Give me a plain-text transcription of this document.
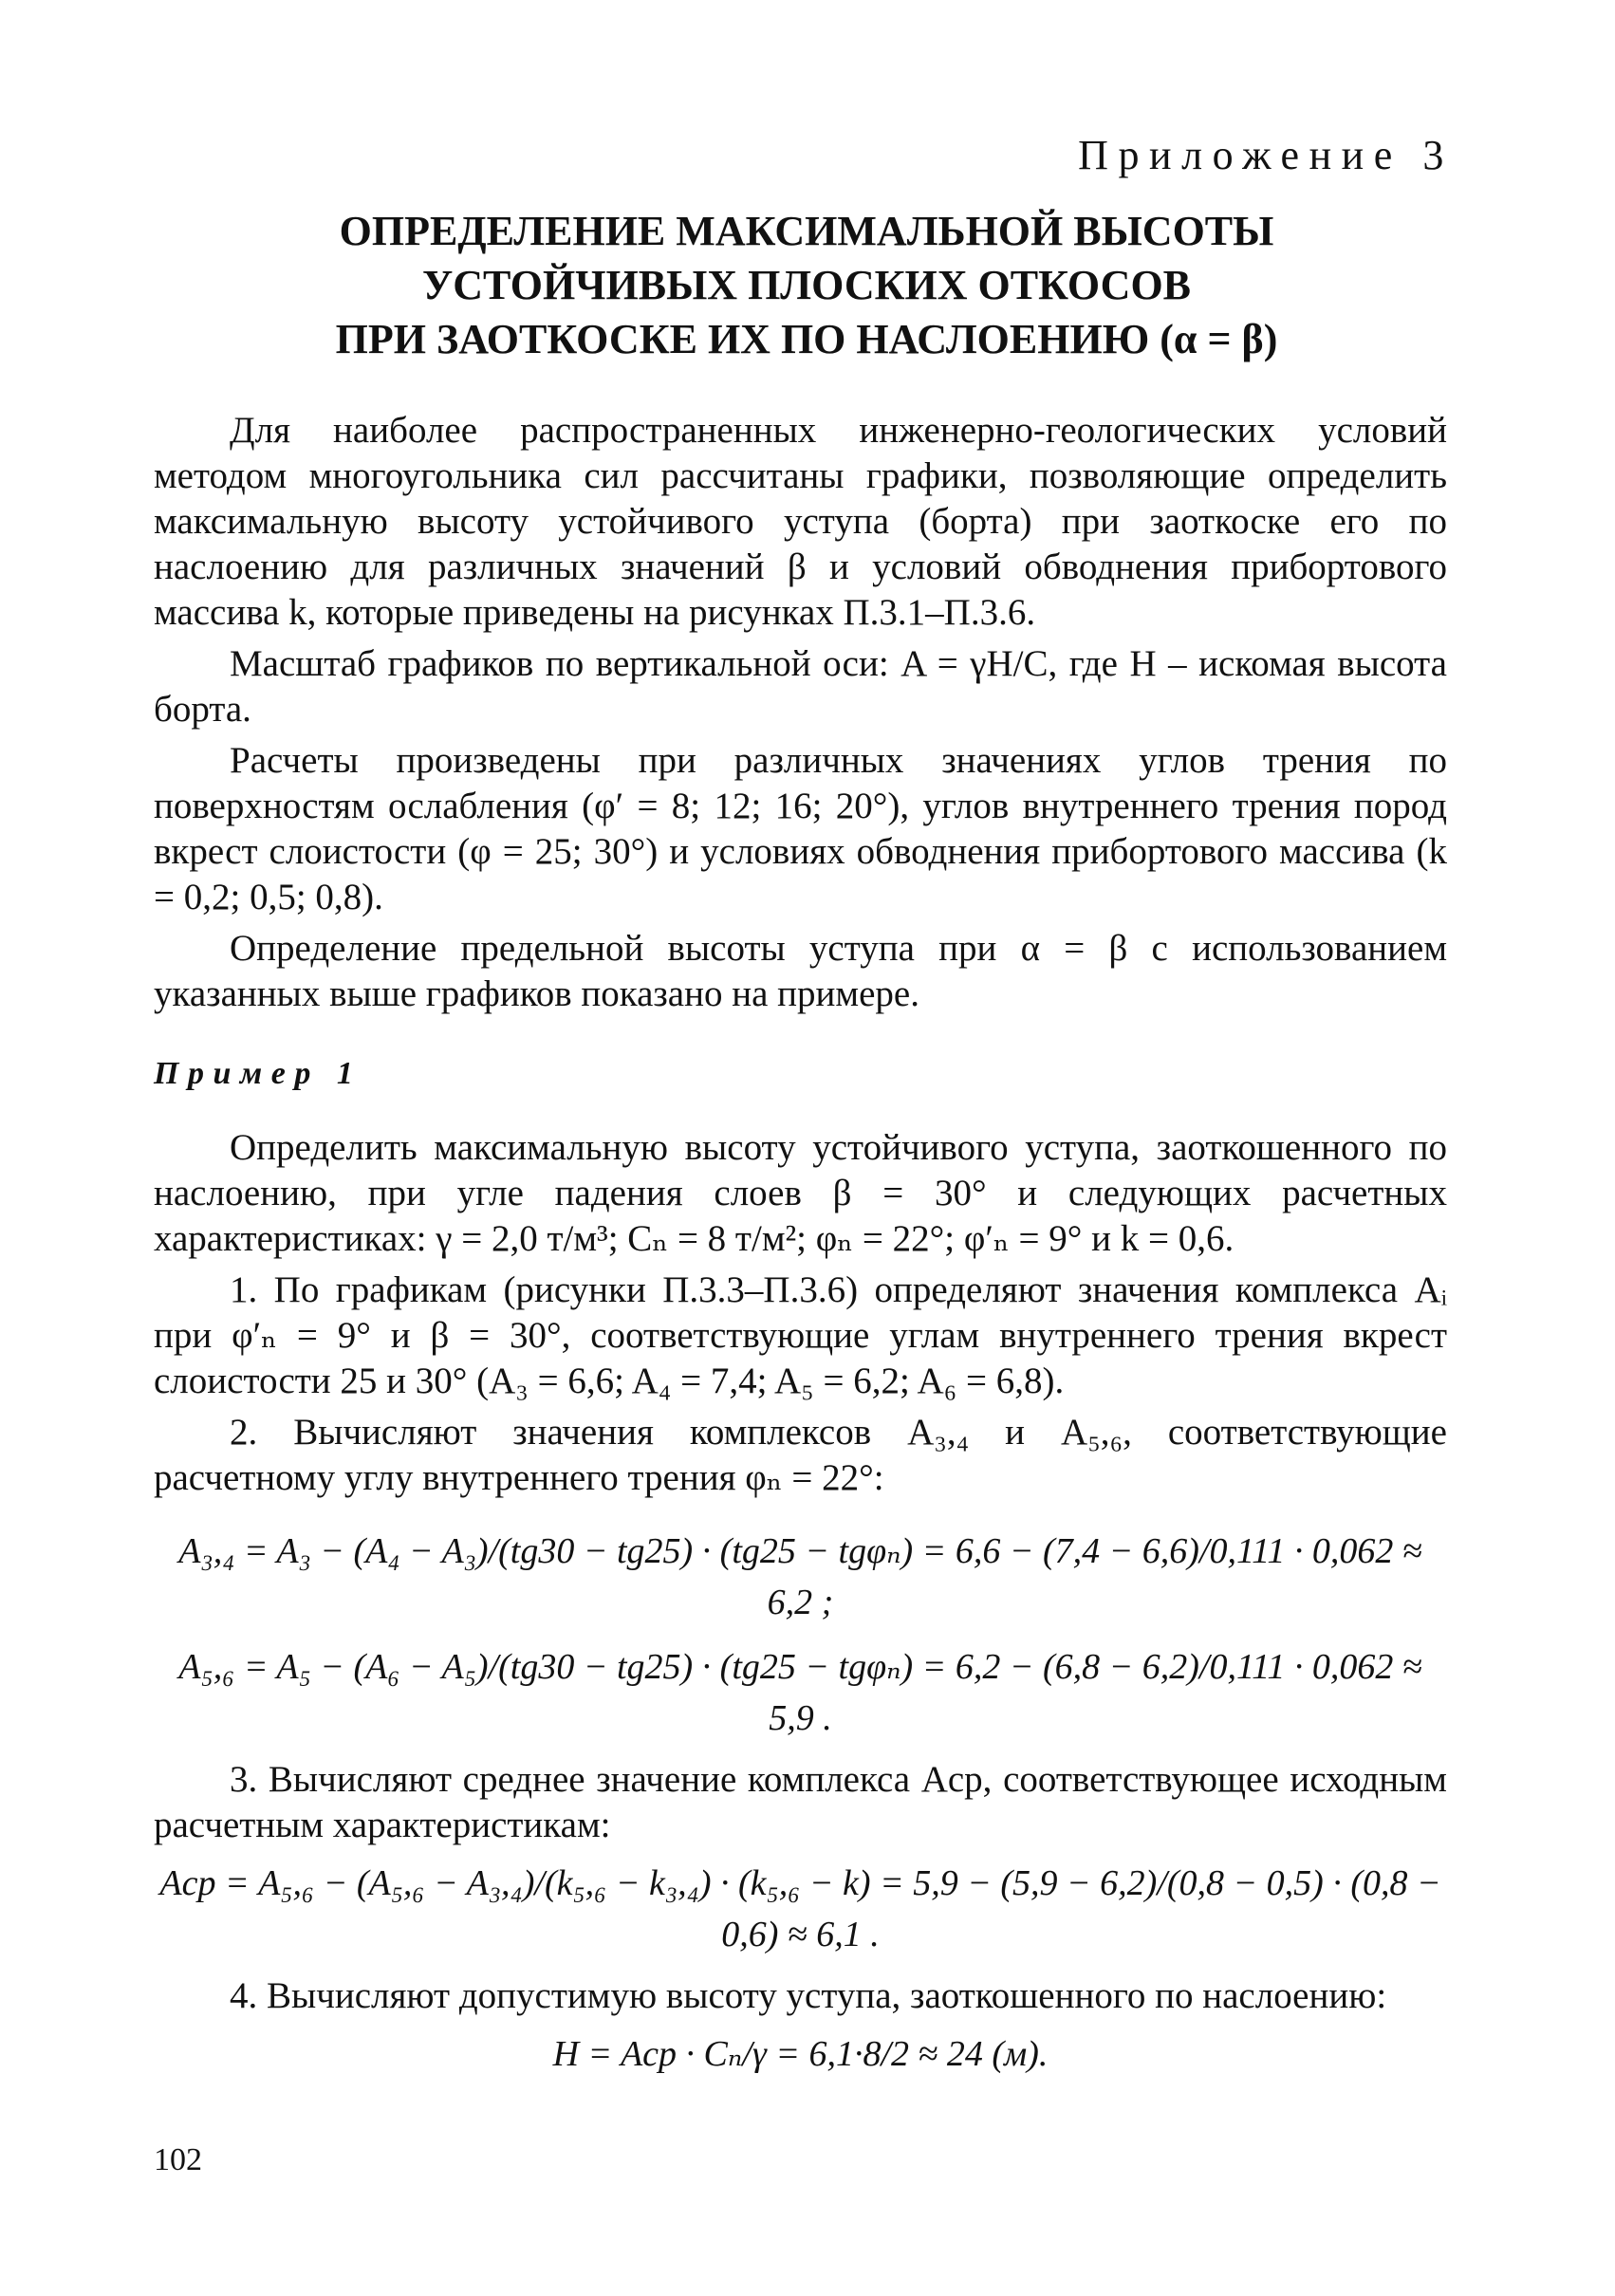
Приложение 3
ОПРЕДЕЛЕНИЕ МАКСИМАЛЬНОЙ ВЫСОТЫ
УСТОЙЧИВЫХ ПЛОСКИХ ОТКОСОВ
ПРИ ЗАОТКОСКЕ ИХ ПО НАСЛОЕНИЮ (α = β)

Для наиболее распространенных инженерно-геологических условий методом многоугольника сил рассчитаны графики, позволяющие определить максимальную высоту устойчивого уступа (борта) при заоткоске его по наслоению для различных значений β и условий обводнения прибортового массива k, которые приведены на рисунках П.3.1–П.3.6.

Масштаб графиков по вертикальной оси: A = γH/C, где H – искомая высота борта.

Расчеты произведены при различных значениях углов трения по поверхностям ослабления (φ′ = 8; 12; 16; 20°), углов внутреннего трения пород вкрест слоистости (φ = 25; 30°) и условиях обводнения прибортового массива (k = 0,2; 0,5; 0,8).

Определение предельной высоты уступа при α = β с использованием указанных выше графиков показано на примере.

Пример 1

Определить максимальную высоту устойчивого уступа, заоткошенного по наслоению, при угле падения слоев β = 30° и следующих расчетных характеристиках: γ = 2,0 т/м³; Cₙ = 8 т/м²; φₙ = 22°; φ′ₙ = 9° и k = 0,6.

1. По графикам (рисунки П.3.3–П.3.6) определяют значения комплекса Aᵢ при φ′ₙ = 9° и β = 30°, соответствующие углам внутреннего трения вкрест слоистости 25 и 30° (A₃ = 6,6; A₄ = 7,4; A₅ = 6,2; A₆ = 6,8).

2. Вычисляют значения комплексов A₃,₄ и A₅,₆, соответствующие расчетному углу внутреннего трения φₙ = 22°:

A₃,₄ = A₃ − (A₄ − A₃)/(tg30 − tg25) · (tg25 − tgφₙ) = 6,6 − (7,4 − 6,6)/0,111 · 0,062 ≈ 6,2 ;

A₅,₆ = A₅ − (A₆ − A₅)/(tg30 − tg25) · (tg25 − tgφₙ) = 6,2 − (6,8 − 6,2)/0,111 · 0,062 ≈ 5,9 .

3. Вычисляют среднее значение комплекса Aср, соответствующее исходным расчетным характеристикам:

Aср = A₅,₆ − (A₅,₆ − A₃,₄)/(k₅,₆ − k₃,₄) · (k₅,₆ − k) = 5,9 − (5,9 − 6,2)/(0,8 − 0,5) · (0,8 − 0,6) ≈ 6,1 .

4. Вычисляют допустимую высоту уступа, заоткошенного по наслоению:

H = Aср · Cₙ/γ = 6,1·8/2 ≈ 24 (м).

102
